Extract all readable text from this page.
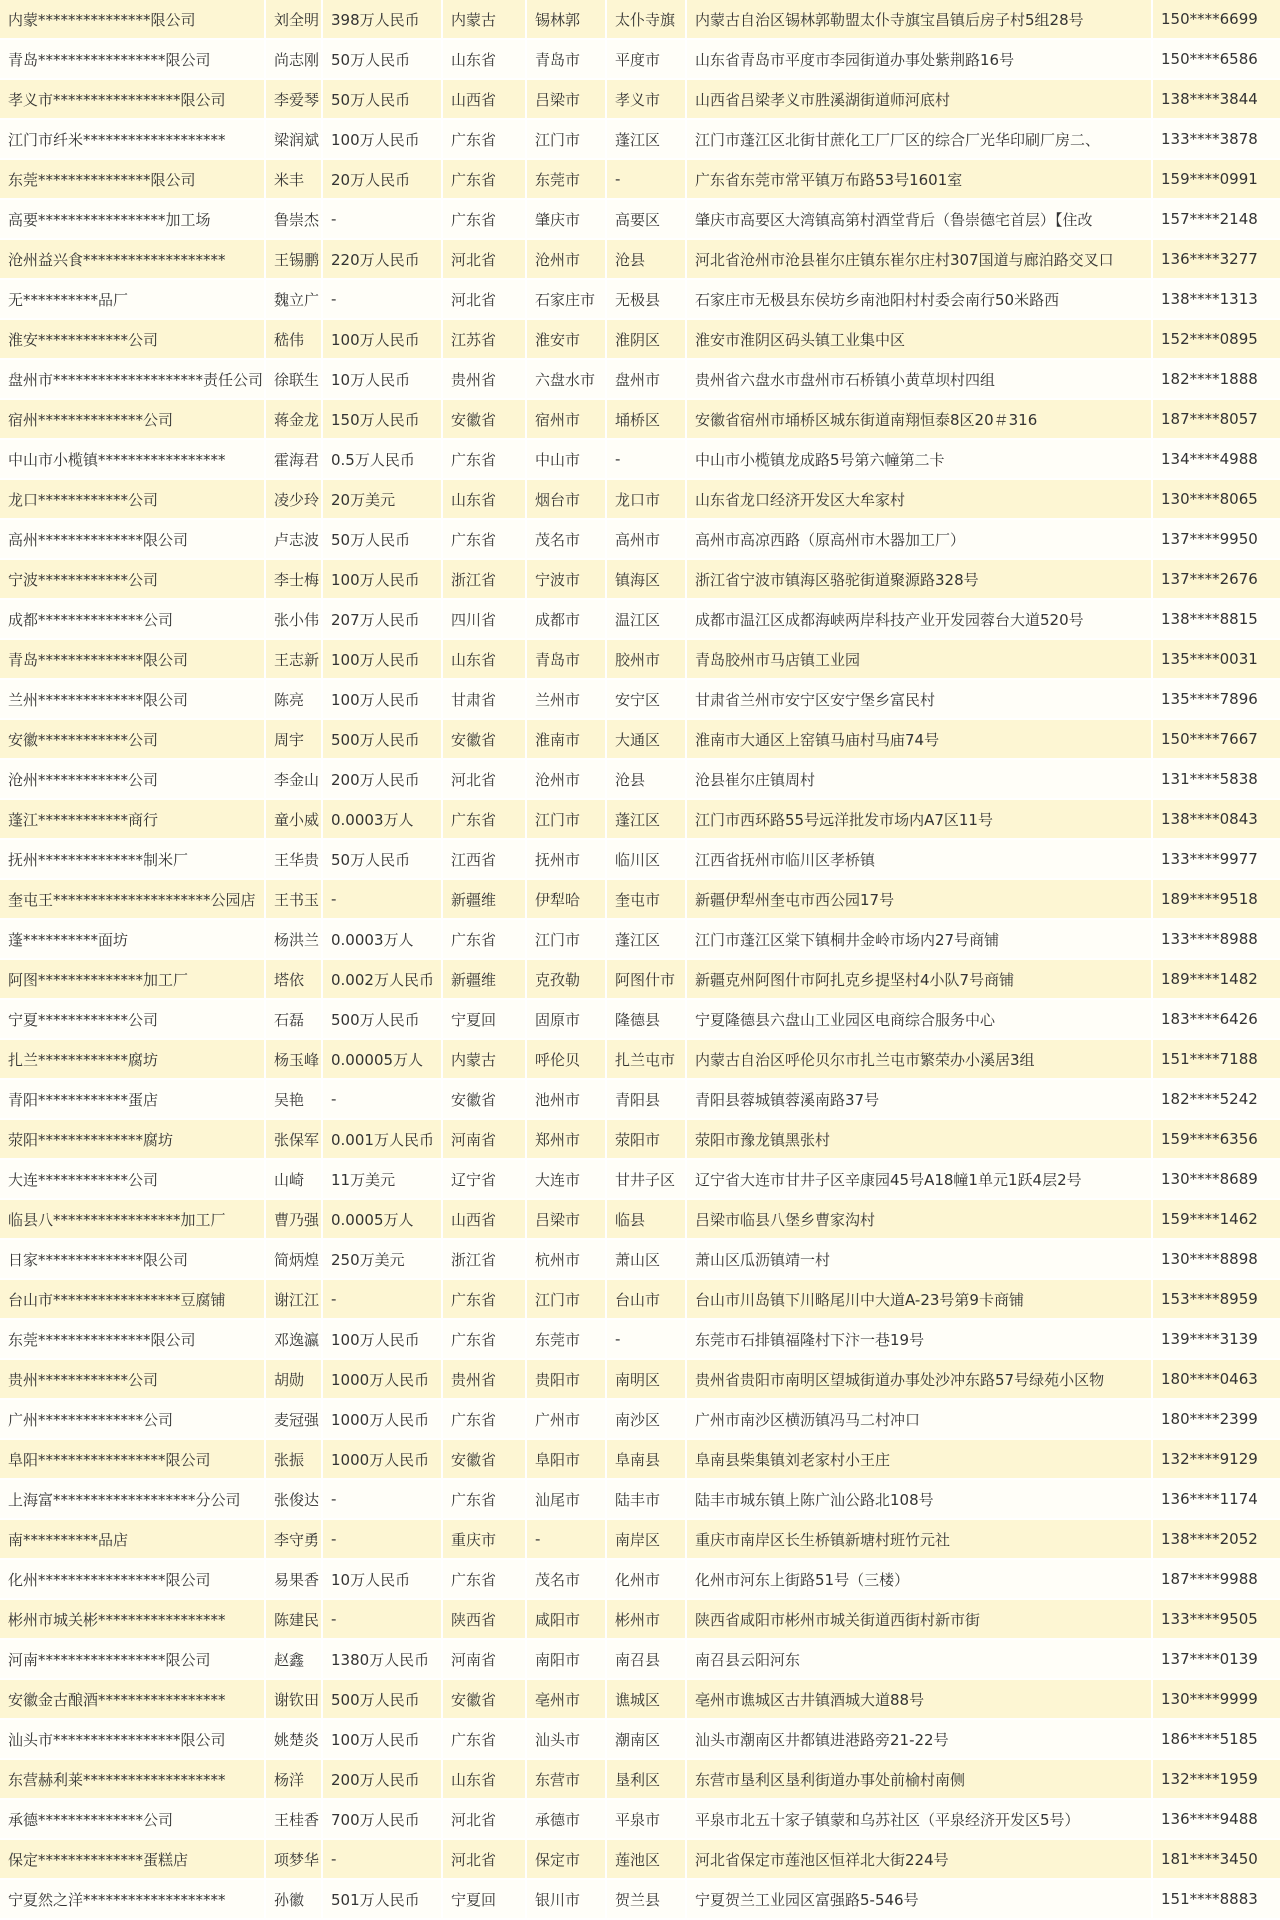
内蒙***************限公司	刘全明	398万人民币	内蒙古	锡林郭	太仆寺旗	内蒙古自治区锡林郭勒盟太仆寺旗宝昌镇后房子村5组28号	150****6699
青岛*****************限公司	尚志刚	50万人民币	山东省	青岛市	平度市	山东省青岛市平度市李园街道办事处紫荆路16号	150****6586
孝义市*****************限公司	李爱琴	50万人民币	山西省	吕梁市	孝义市	山西省吕梁孝义市胜溪湖街道师河底村	138****3844
江门市纤米*******************	梁润斌	100万人民币	广东省	江门市	蓬江区	江门市蓬江区北街甘蔗化工厂厂区的综合厂光华印刷厂房二、	133****3878
东莞***************限公司	米丰	20万人民币	广东省	东莞市	-	广东省东莞市常平镇万布路53号1601室	159****0991
高要*****************加工场	鲁崇杰	-	广东省	肇庆市	高要区	肇庆市高要区大湾镇高第村酒堂背后（鲁崇德宅首层）【住改	157****2148
沧州益兴食*******************	王锡鹏	220万人民币	河北省	沧州市	沧县	河北省沧州市沧县崔尔庄镇东崔尔庄村307国道与廊泊路交叉口	136****3277
无**********品厂	魏立广	-	河北省	石家庄市	无极县	石家庄市无极县东侯坊乡南池阳村村委会南行50米路西	138****1313
淮安************公司	嵇伟	100万人民币	江苏省	淮安市	淮阴区	淮安市淮阴区码头镇工业集中区	152****0895
盘州市********************责任公司	徐联生	10万人民币	贵州省	六盘水市	盘州市	贵州省六盘水市盘州市石桥镇小黄草坝村四组	182****1888
宿州**************公司	蒋金龙	150万人民币	安徽省	宿州市	埇桥区	安徽省宿州市埇桥区城东街道南翔恒泰8区20＃316	187****8057
中山市小榄镇*****************	霍海君	0.5万人民币	广东省	中山市	-	中山市小榄镇龙成路5号第六幢第二卡	134****4988
龙口************公司	凌少玲	20万美元	山东省	烟台市	龙口市	山东省龙口经济开发区大牟家村	130****8065
高州**************限公司	卢志波	50万人民币	广东省	茂名市	高州市	高州市高凉西路（原高州市木器加工厂）	137****9950
宁波************公司	李士梅	100万人民币	浙江省	宁波市	镇海区	浙江省宁波市镇海区骆驼街道聚源路328号	137****2676
成都**************公司	张小伟	207万人民币	四川省	成都市	温江区	成都市温江区成都海峡两岸科技产业开发园蓉台大道520号	138****8815
青岛**************限公司	王志新	100万人民币	山东省	青岛市	胶州市	青岛胶州市马店镇工业园	135****0031
兰州**************限公司	陈亮	100万人民币	甘肃省	兰州市	安宁区	甘肃省兰州市安宁区安宁堡乡富民村	135****7896
安徽************公司	周宇	500万人民币	安徽省	淮南市	大通区	淮南市大通区上窑镇马庙村马庙74号	150****7667
沧州************公司	李金山	200万人民币	河北省	沧州市	沧县	沧县崔尔庄镇周村	131****5838
蓬江************商行	童小威	0.0003万人	广东省	江门市	蓬江区	江门市西环路55号远洋批发市场内A7区11号	138****0843
抚州**************制米厂	王华贵	50万人民币	江西省	抚州市	临川区	江西省抚州市临川区孝桥镇	133****9977
奎屯王*********************公园店	王书玉	-	新疆维	伊犁哈	奎屯市	新疆伊犁州奎屯市西公园17号	189****9518
蓬**********面坊	杨洪兰	0.0003万人	广东省	江门市	蓬江区	江门市蓬江区棠下镇桐井金岭市场内27号商铺	133****8988
阿图**************加工厂	塔依	0.002万人民币	新疆维	克孜勒	阿图什市	新疆克州阿图什市阿扎克乡提坚村4小队7号商铺	189****1482
宁夏************公司	石磊	500万人民币	宁夏回	固原市	隆德县	宁夏隆德县六盘山工业园区电商综合服务中心	183****6426
扎兰************腐坊	杨玉峰	0.00005万人	内蒙古	呼伦贝	扎兰屯市	内蒙古自治区呼伦贝尔市扎兰屯市繁荣办小溪居3组	151****7188
青阳************蛋店	吴艳	-	安徽省	池州市	青阳县	青阳县蓉城镇蓉溪南路37号	182****5242
荥阳**************腐坊	张保军	0.001万人民币	河南省	郑州市	荥阳市	荥阳市豫龙镇黑张村	159****6356
大连************公司	山崎	11万美元	辽宁省	大连市	甘井子区	辽宁省大连市甘井子区辛康园45号A18幢1单元1跃4层2号	130****8689
临县八*****************加工厂	曹乃强	0.0005万人	山西省	吕梁市	临县	吕梁市临县八堡乡曹家沟村	159****1462
日家**************限公司	简炳煌	250万美元	浙江省	杭州市	萧山区	萧山区瓜沥镇靖一村	130****8898
台山市*****************豆腐铺	谢江江	-	广东省	江门市	台山市	台山市川岛镇下川略尾川中大道A-23号第9卡商铺	153****8959
东莞***************限公司	邓逸瀛	100万人民币	广东省	东莞市	-	东莞市石排镇福隆村下汴一巷19号	139****3139
贵州************公司	胡勋	1000万人民币	贵州省	贵阳市	南明区	贵州省贵阳市南明区望城街道办事处沙冲东路57号绿苑小区物	180****0463
广州**************公司	麦冠强	1000万人民币	广东省	广州市	南沙区	广州市南沙区横沥镇冯马二村冲口	180****2399
阜阳*****************限公司	张振	1000万人民币	安徽省	阜阳市	阜南县	阜南县柴集镇刘老家村小王庄	132****9129
上海富*******************分公司	张俊达	-	广东省	汕尾市	陆丰市	陆丰市城东镇上陈广汕公路北108号	136****1174
南**********品店	李守勇	-	重庆市	-	南岸区	重庆市南岸区长生桥镇新塘村班竹元社	138****2052
化州*****************限公司	易果香	10万人民币	广东省	茂名市	化州市	化州市河东上街路51号（三楼）	187****9988
彬州市城关彬*****************	陈建民	-	陕西省	咸阳市	彬州市	陕西省咸阳市彬州市城关街道西街村新市街	133****9505
河南*****************限公司	赵鑫	1380万人民币	河南省	南阳市	南召县	南召县云阳河东	137****0139
安徽金古酿酒*****************	谢钦田	500万人民币	安徽省	亳州市	谯城区	亳州市谯城区古井镇酒城大道88号	130****9999
汕头市*****************限公司	姚楚炎	100万人民币	广东省	汕头市	潮南区	汕头市潮南区井都镇进港路旁21-22号	186****5185
东营赫利莱*******************	杨洋	200万人民币	山东省	东营市	垦利区	东营市垦利区垦利街道办事处前榆村南侧	132****1959
承德**************公司	王桂香	700万人民币	河北省	承德市	平泉市	平泉市北五十家子镇蒙和乌苏社区（平泉经济开发区5号）	136****9488
保定**************蛋糕店	项梦华	-	河北省	保定市	莲池区	河北省保定市莲池区恒祥北大街224号	181****3450
宁夏然之洋*******************	孙徽	501万人民币	宁夏回	银川市	贺兰县	宁夏贺兰工业园区富强路5-546号	151****8883
